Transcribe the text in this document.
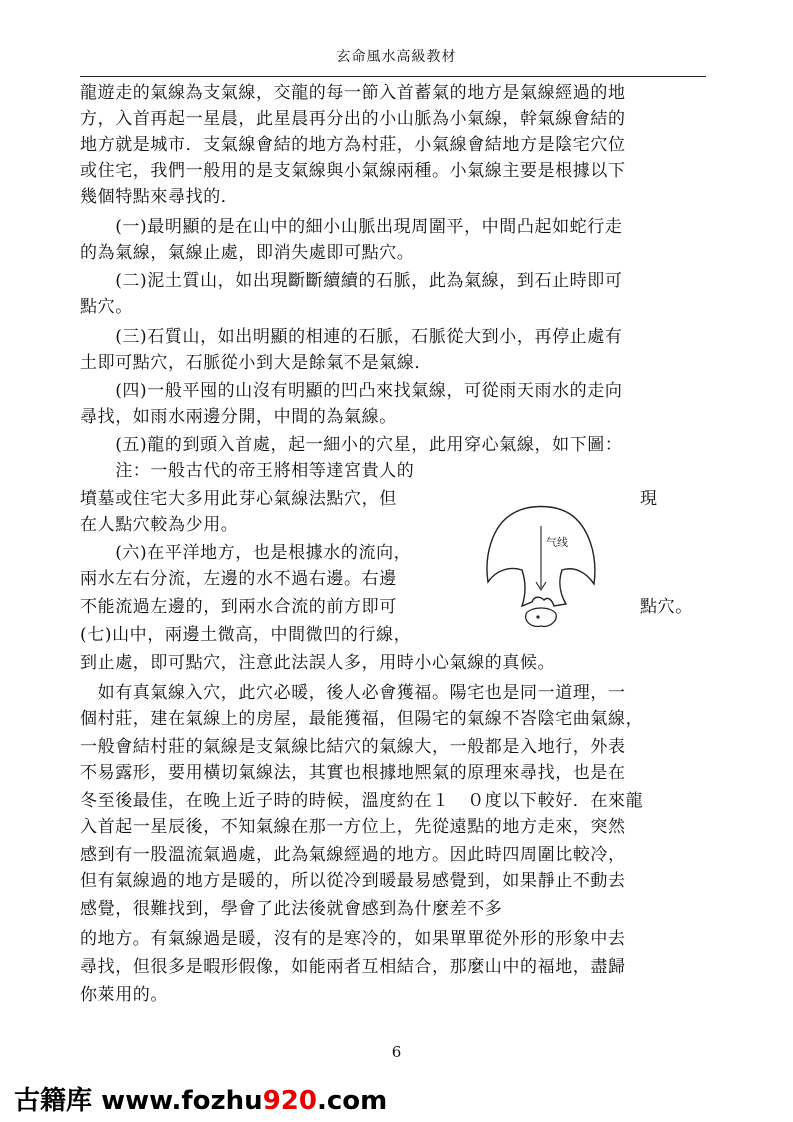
玄命風水高級教材
龍遊走的氣線為支氣線，交龍的每一節入首蓄氣的地方是氣線經過的地
方，入首再起一星晨，此星晨再分出的小山脈為小氣線，幹氣線會結的
地方就是城市．支氣線會結的地方為村莊，小氣線會結地方是陰宅穴位
或住宅，我們一般用的是支氣線與小氣線兩種。小氣線主要是根據以下
幾個特點來尋找的．
　　(一)最明顯的是在山中的細小山脈出現周圍平，中間凸起如蛇行走
的為氣線，氣線止處，即消失處即可點穴。
　　(二)泥土質山，如出現斷斷續續的石脈，此為氣線，到石止時即可
點穴。
　　(三)石質山，如出明顯的相連的石脈，石脈從大到小，再停止處有
土即可點穴，石脈從小到大是餘氣不是氣線．
　　(四)一般平囤的山沒有明顯的凹凸來找氣線，可從雨天雨水的走向
尋找，如雨水兩邊分開，中間的為氣線。
　　(五)龍的到頭入首處，起一細小的穴星，此用穿心氣線，如下圖：
　　注：一般古代的帝王將相等達宮貴人的
墳墓或住宅大多用此芽心氣線法點穴，但
在人點穴較為少用。
　　(六)在平洋地方，也是根據水的流向，
兩水左右分流，左邊的水不過右邊。右邊
不能流過左邊的，到兩水合流的前方即可
(七)山中，兩邊土微高，中間微凹的行線，
到止處，即可點穴，注意此法誤人多，用時小心氣線的真候。
　如有真氣線入穴，此穴必暖，後人必會獲福。陽宅也是同一道理，一
個村莊，建在氣線上的房屋，最能獲福，但陽宅的氣線不峇陰宅曲氣線，
一般會結村莊的氣線是支氣線比結穴的氣線大，一般都是入地行，外表
不易露形，要用橫切氣線法，其實也根據地熈氣的原理來尋找，也是在
冬至後最佳，在晚上近子時的時候，溫度約在１　０度以下較好．在來龍
入首起一星辰後，不知氣線在那一方位上，先從遠點的地方走來，突然
感到有一股溫流氣過處，此為氣線經過的地方。因此時四周圍比較冷，
但有氣線過的地方是暖的，所以從冷到暖最易感覺到，如果靜止不動去
感覺，很難找到，學會了此法後就會感到為什麼差不多
的地方。有氣線過是暖，沒有的是寒冷的，如果單單從外形的形象中去
尋找，但很多是暇形假像，如能兩者互相結合，那麼山中的福地，盡歸
你萊用的。
現
點穴。
气线
6
古籍库 www.fozhu920.com
